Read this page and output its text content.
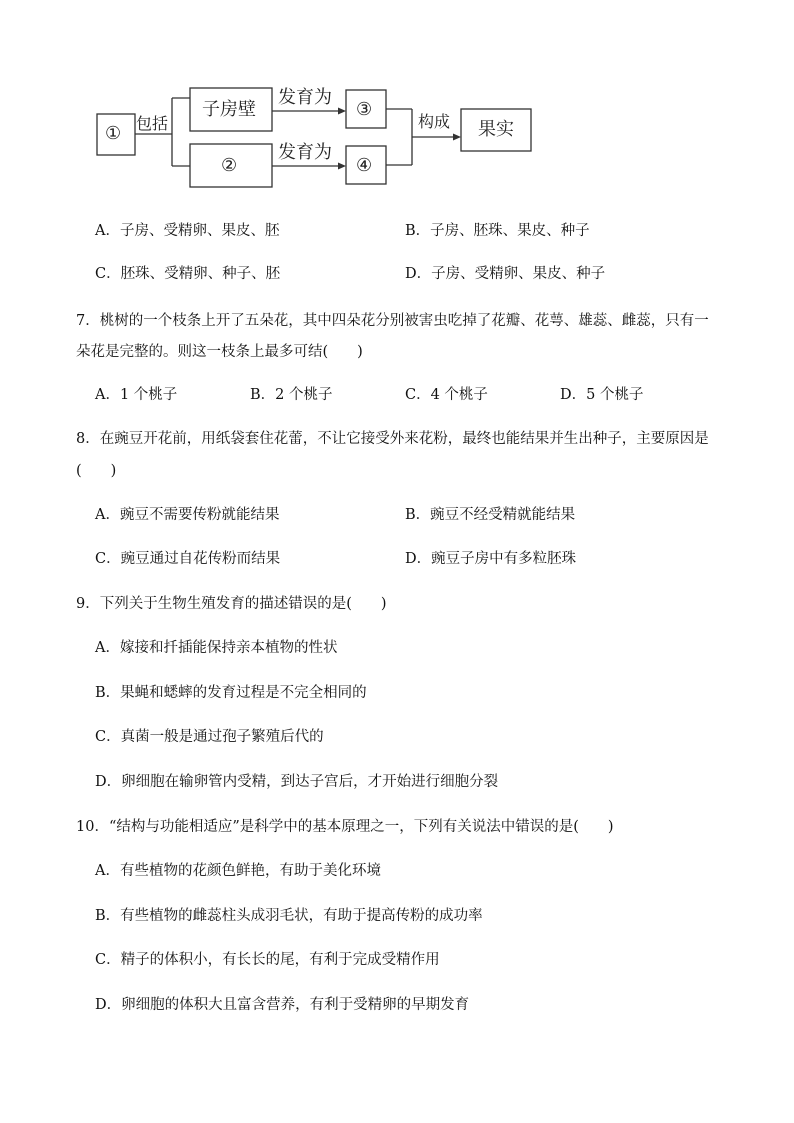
① 包括
子房壁
②
发育为
发育为
③
④
构成 果实
A．子房、受精卵、果皮、胚	B．子房、胚珠、果皮、种子
C．胚珠、受精卵、种子、胚	D．子房、受精卵、果皮、种子
7．桃树的一个枝条上开了五朵花，其中四朵花分别被害虫吃掉了花瓣、花萼、雄蕊、雌蕊，只有一
朵花是完整的。则这一枝条上最多可结(　　)
A．1 个桃子	B．2 个桃子	C．4 个桃子	D．5 个桃子
8．在豌豆开花前，用纸袋套住花蕾，不让它接受外来花粉，最终也能结果并生出种子，主要原因是
(　　)
A．豌豆不需要传粉就能结果	B．豌豆不经受精就能结果
C．豌豆通过自花传粉而结果	D．豌豆子房中有多粒胚珠
9．下列关于生物生殖发育的描述错误的是(　　)
A．嫁接和扦插能保持亲本植物的性状
B．果蝇和蟋蟀的发育过程是不完全相同的
C．真菌一般是通过孢子繁殖后代的
D．卵细胞在输卵管内受精，到达子宫后，才开始进行细胞分裂
10．“结构与功能相适应”是科学中的基本原理之一，下列有关说法中错误的是(　　)
A．有些植物的花颜色鲜艳，有助于美化环境
B．有些植物的雌蕊柱头成羽毛状，有助于提高传粉的成功率
C．精子的体积小，有长长的尾，有利于完成受精作用
D．卵细胞的体积大且富含营养，有利于受精卵的早期发育
